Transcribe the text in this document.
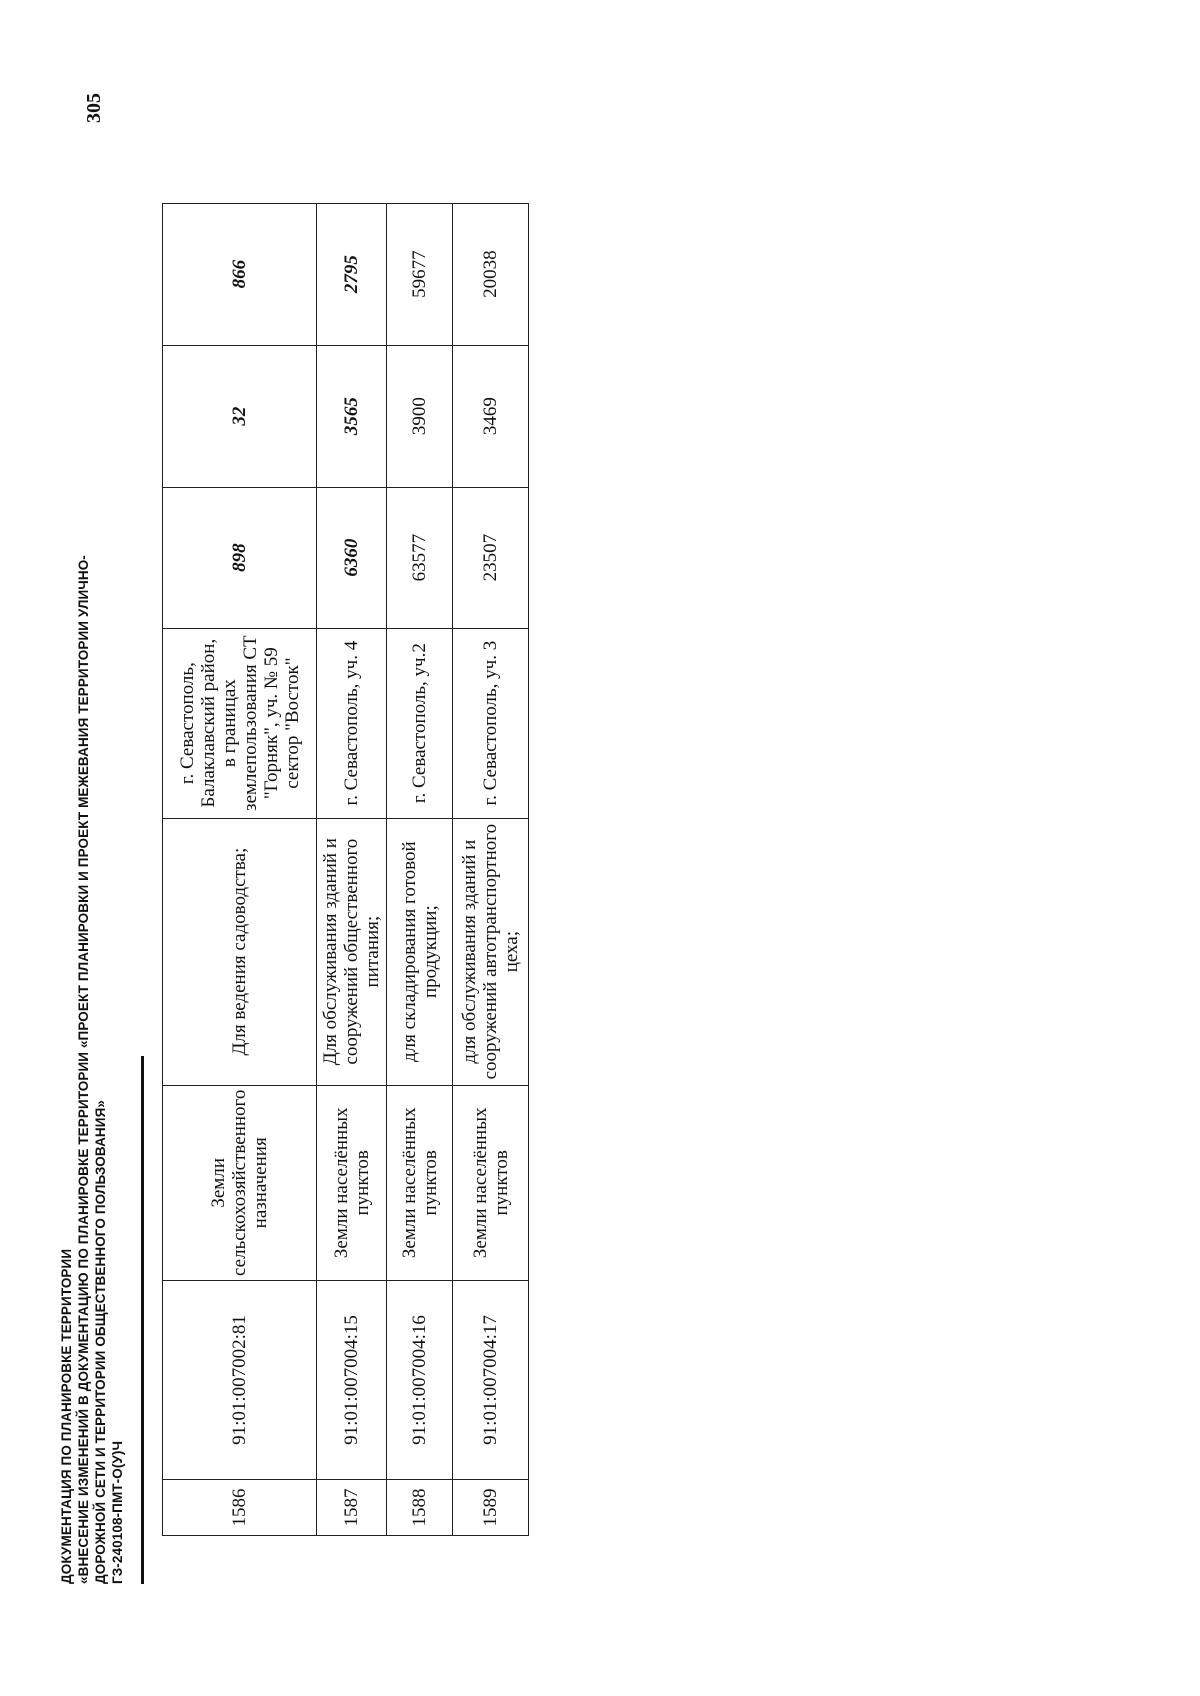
ДОКУМЕНТАЦИЯ ПО ПЛАНИРОВКЕ ТЕРРИТОРИИ «ВНЕСЕНИЕ ИЗМЕНЕНИЙ В ДОКУМЕНТАЦИЮ ПО ПЛАНИРОВКЕ ТЕРРИТОРИИ «ПРОЕКТ ПЛАНИРОВКИ И ПРОЕКТ МЕЖЕВАНИЯ ТЕРРИТОРИИ УЛИЧНО- ДОРОЖНОЙ СЕТИ И ТЕРРИТОРИИ ОБЩЕСТВЕННОГО ПОЛЬЗОВАНИЯ» ГЗ-240108-ПМТ-О(У)Ч
305
1586	91:01:007002:81	Земли сельскохозяйственного назначения	Для ведения садоводства;	г. Севастополь, Балаклавский район, в границах землепользования СТ "Горняк", уч. № 59 сектор "Восток"	898	32	866
1587	91:01:007004:15	Земли населённых пунктов	Для обслуживания зданий и сооружений общественного питания;	г. Севастополь, уч. 4	6360	3565	2795
1588	91:01:007004:16	Земли населённых пунктов	для складирования готовой продукции;	г. Севастополь, уч.2	63577	3900	59677
1589	91:01:007004:17	Земли населённых пунктов	для обслуживания зданий и сооружений автотранспортного цеха;	г. Севастополь, уч. 3	23507	3469	20038
